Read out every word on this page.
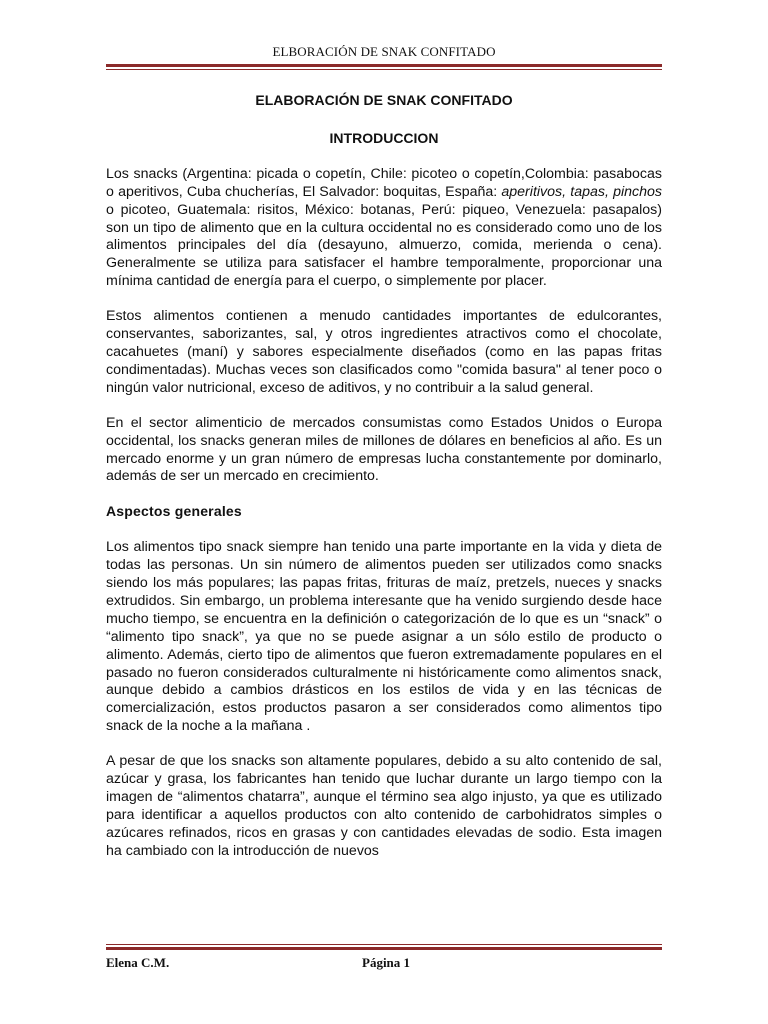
ELBORACIÓN DE SNAK CONFITADO
ELABORACIÓN DE SNAK CONFITADO
INTRODUCCION

Los snacks (Argentina: picada o copetín, Chile: picoteo o copetín,Colombia: pasabocas o aperitivos, Cuba chucherías, El Salvador: boquitas, España: aperitivos, tapas, pinchos o picoteo, Guatemala: risitos, México: botanas, Perú: piqueo, Venezuela: pasapalos) son un tipo de alimento que en la cultura occidental no es considerado como uno de los alimentos principales del día (desayuno, almuerzo, comida, merienda o cena). Generalmente se utiliza para satisfacer el hambre temporalmente, proporcionar una mínima cantidad de energía para el cuerpo, o simplemente por placer.

Estos alimentos contienen a menudo cantidades importantes de edulcorantes, conservantes, saborizantes, sal, y otros ingredientes atractivos como el chocolate, cacahuetes (maní) y sabores especialmente diseñados (como en las papas fritas condimentadas). Muchas veces son clasificados como "comida basura" al tener poco o ningún valor nutricional, exceso de aditivos, y no contribuir a la salud general.

En el sector alimenticio de mercados consumistas como Estados Unidos o Europa occidental, los snacks generan miles de millones de dólares en beneficios al año. Es un mercado enorme y un gran número de empresas lucha constantemente por dominarlo, además de ser un mercado en crecimiento.

Aspectos generales

Los alimentos tipo snack siempre han tenido una parte importante en la vida y dieta de todas las personas. Un sin número de alimentos pueden ser utilizados como snacks siendo los más populares; las papas fritas, frituras de maíz, pretzels, nueces y snacks extrudidos. Sin embargo, un problema interesante que ha venido surgiendo desde hace mucho tiempo, se encuentra en la definición o categorización de lo que es un “snack” o “alimento tipo snack”, ya que no se puede asignar a un sólo estilo de producto o alimento. Además, cierto tipo de alimentos que fueron extremadamente populares en el pasado no fueron considerados culturalmente ni históricamente como alimentos snack, aunque debido a cambios drásticos en los estilos de vida y en las técnicas de comercialización, estos productos pasaron a ser considerados como alimentos tipo snack de la noche a la mañana .

A pesar de que los snacks son altamente populares, debido a su alto contenido de sal, azúcar y grasa, los fabricantes han tenido que luchar durante un largo tiempo con la imagen de “alimentos chatarra”, aunque el término sea algo injusto, ya que es utilizado para identificar a aquellos productos con alto contenido de carbohidratos simples o azúcares refinados, ricos en grasas y con cantidades elevadas de sodio. Esta imagen ha cambiado con la introducción de nuevos

Elena C.M.	Página 1
